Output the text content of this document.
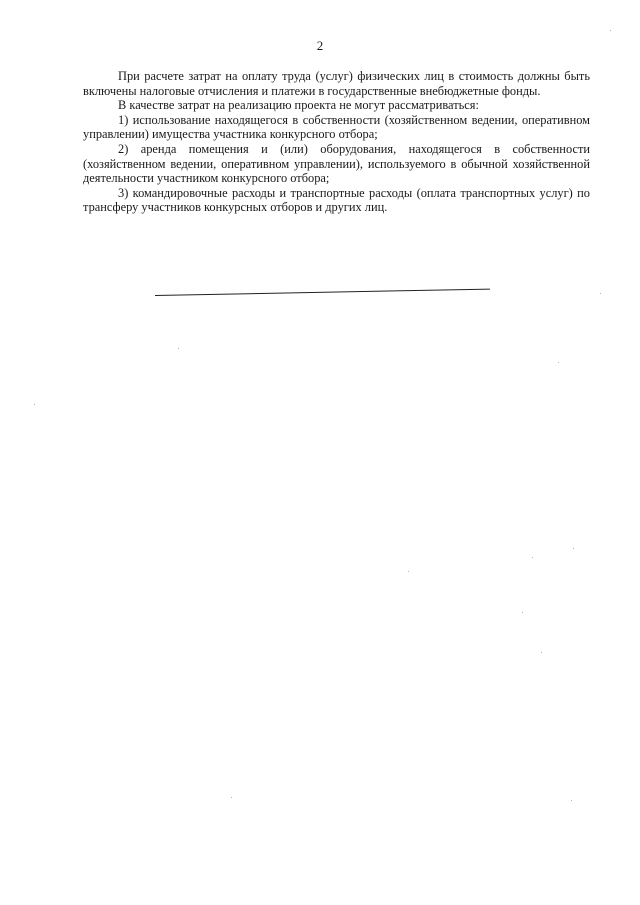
2

При расчете затрат на оплату труда (услуг) физических лиц в стоимость должны быть включены налоговые отчисления и платежи в государственные внебюджетные фонды.

В качестве затрат на реализацию проекта не могут рассматриваться:

1) использование находящегося в собственности (хозяйственном ведении, оперативном управлении) имущества участника конкурсного отбора;

2) аренда помещения и (или) оборудования, находящегося в собственности (хозяйственном ведении, оперативном управлении), используемого в обычной хозяйственной деятельности участником конкурсного отбора;

3) командировочные расходы и транспортные расходы (оплата транспортных услуг) по трансферу участников конкурсных отборов и других лиц.
